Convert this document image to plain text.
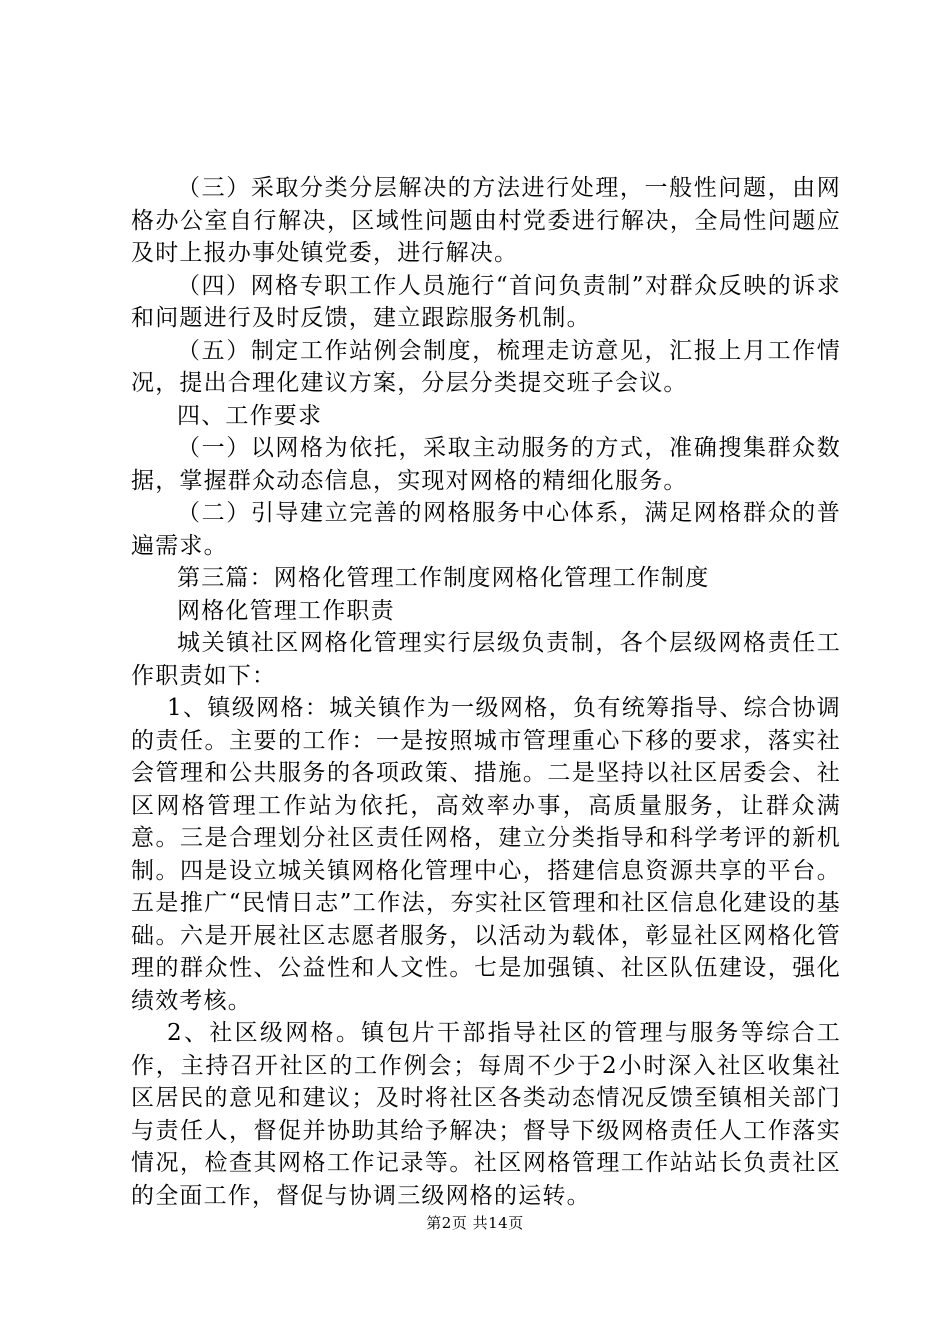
（三）采取分类分层解决的方法进行处理，一般性问题，由网格办公室自行解决，区域性问题由村党委进行解决，全局性问题应及时上报办事处镇党委，进行解决。

（四）网格专职工作人员施行“首问负责制”对群众反映的诉求和问题进行及时反馈，建立跟踪服务机制。

（五）制定工作站例会制度，梳理走访意见，汇报上月工作情况，提出合理化建议方案，分层分类提交班子会议。

四、工作要求

（一）以网格为依托，采取主动服务的方式，准确搜集群众数据，掌握群众动态信息，实现对网格的精细化服务。

（二）引导建立完善的网格服务中心体系，满足网格群众的普遍需求。

第三篇：网格化管理工作制度网格化管理工作制度

网格化管理工作职责

城关镇社区网格化管理实行层级负责制，各个层级网格责任工作职责如下：

1、镇级网格：城关镇作为一级网格，负有统筹指导、综合协调的责任。主要的工作：一是按照城市管理重心下移的要求，落实社会管理和公共服务的各项政策、措施。二是坚持以社区居委会、社区网格管理工作站为依托，高效率办事，高质量服务，让群众满意。三是合理划分社区责任网格，建立分类指导和科学考评的新机制。四是设立城关镇网格化管理中心，搭建信息资源共享的平台。五是推广“民情日志”工作法，夯实社区管理和社区信息化建设的基础。六是开展社区志愿者服务，以活动为载体，彰显社区网格化管理的群众性、公益性和人文性。七是加强镇、社区队伍建设，强化绩效考核。

2、社区级网格。镇包片干部指导社区的管理与服务等综合工作，主持召开社区的工作例会；每周不少于2小时深入社区收集社区居民的意见和建议；及时将社区各类动态情况反馈至镇相关部门与责任人，督促并协助其给予解决；督导下级网格责任人工作落实情况，检查其网格工作记录等。社区网格管理工作站站长负责社区的全面工作，督促与协调三级网格的运转。

第2页 共14页
